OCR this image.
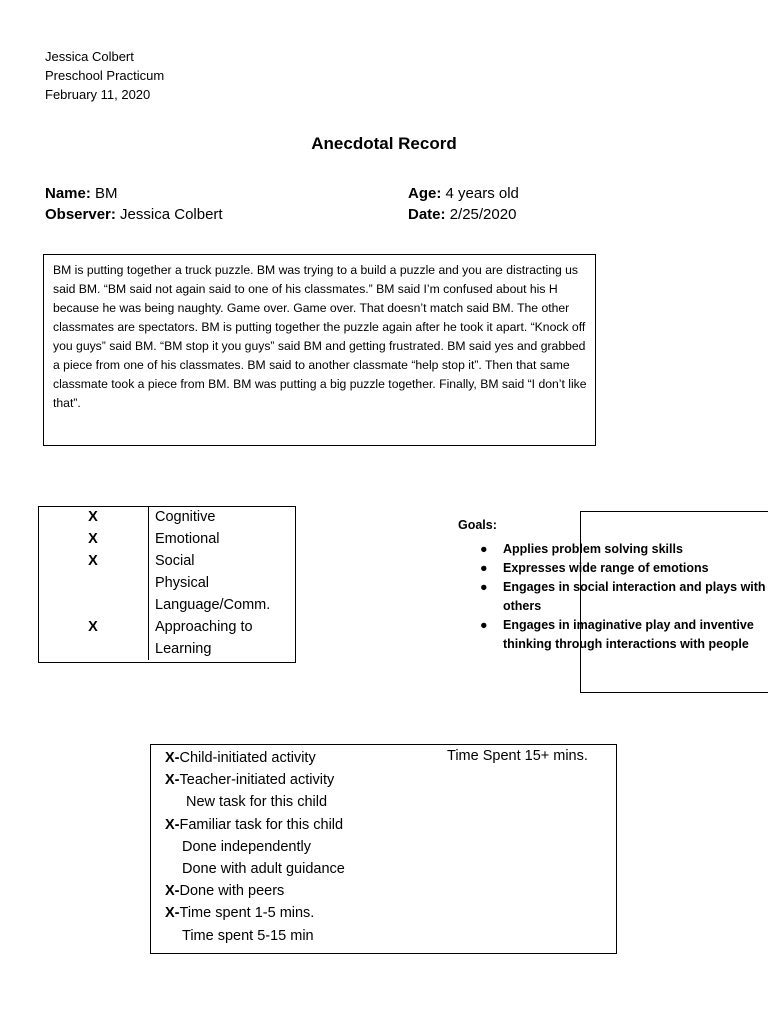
Jessica Colbert
Preschool Practicum
February 11, 2020
Anecdotal Record
Name: BM	Age: 4 years old
Observer: Jessica Colbert	Date: 2/25/2020
BM is putting together a truck puzzle. BM was trying to a build a puzzle and you are distracting us said BM. “BM said not again said to one of his classmates.” BM said I’m confused about his H because he was being naughty. Game over. Game over. That doesn’t match said BM. The other classmates are spectators. BM is putting together the puzzle again after he took it apart. “Knock off you guys” said BM. “BM stop it you guys” said BM and getting frustrated. BM said yes and grabbed a piece from one of his classmates. BM said to another classmate “help stop it”. Then that same classmate took a piece from BM. BM was putting a big puzzle together. Finally, BM said “I don’t like that”.
X	Cognitive
X	Emotional
X	Social
	Physical
	Language/Comm.
X	Approaching to
	Learning
Goals:
● Applies problem solving skills
● Expresses wide range of emotions
● Engages in social interaction and plays with others
● Engages in imaginative play and inventive thinking through interactions with people
X-Child-initiated activity
X-Teacher-initiated activity
New task for this child
X-Familiar task for this child
Done independently
Done with adult guidance
X-Done with peers
X-Time spent 1-5 mins.
Time spent 5-15 min
Time Spent 15+ mins.
